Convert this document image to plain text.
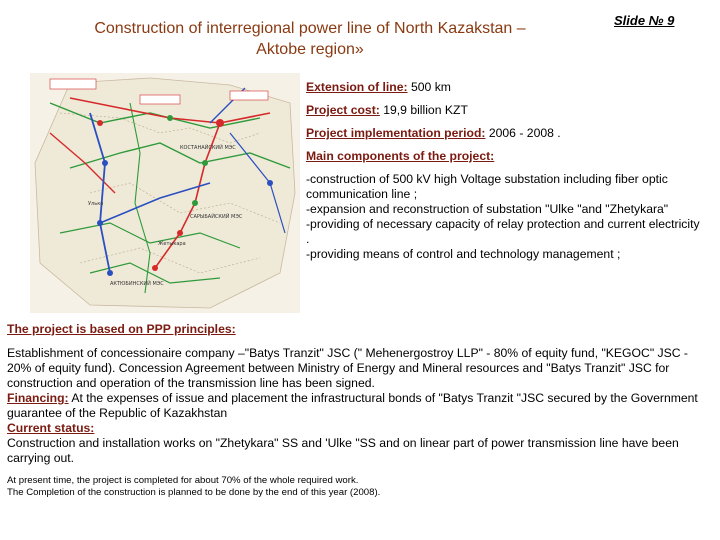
Construction of interregional power line of North Kazakstan –
Aktobe region»
Slide № 9
КОСТАНАЙСКИЙ МЭС
САРЫБАЙСКИЙ МЭС
АКТЮБИНСКИЙ МЭС
Ульке
Жетыкара
Extension of line: 500 km
Project cost: 19,9 billion KZT
Project implementation period: 2006 - 2008 .
Main components of the project:
-construction of 500 kV high Voltage substation including fiber optic communication line ;
-expansion and reconstruction of substation "Ulke "and "Zhetykara"
-providing of necessary capacity of relay protection and current electricity .
-providing means of control and technology management ;
The project is based on PPP principles:
Establishment of concessionaire company –"Batys Tranzit" JSC (" Mehenergostroy LLP" - 80% of equity fund, "KEGOC" JSC - 20% of equity fund). Concession Agreement between Ministry of Energy and Mineral resources and "Batys Tranzit" JSC for construction and operation of the transmission line has been signed.
Financing: At the expenses of issue and placement the infrastructural bonds of "Batys Tranzit "JSC secured by the Government guarantee of the Republic of Kazakhstan
Current status:
Construction and installation works on "Zhetykara" SS and 'Ulke "SS and on linear part of power transmission line have been carrying out.
At present time, the project is completed for about 70% of the whole required work.
The Completion of the construction is planned to be done by the end of this year (2008).
